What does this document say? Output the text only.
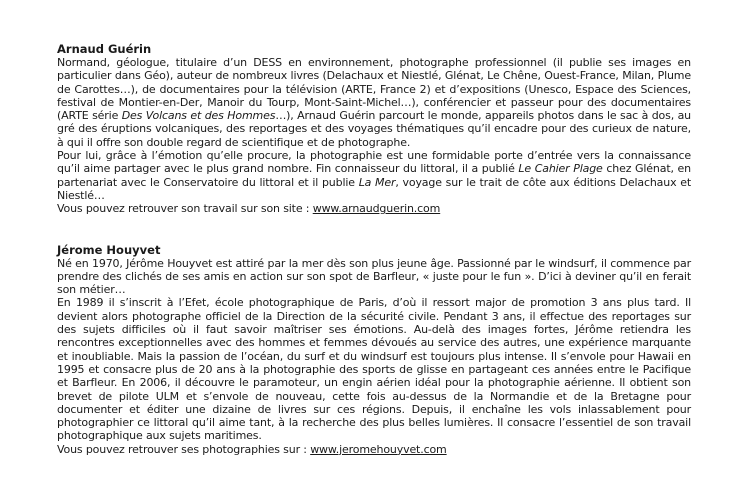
Arnaud Guérin

Normand, géologue, titulaire d’un DESS en environnement, photographe professionnel (il publie ses images en particulier dans Géo), auteur de nombreux livres (Delachaux et Niestlé, Glénat, Le Chêne, Ouest-France, Milan, Plume de Carottes…), de documentaires pour la télévision (ARTE, France 2) et d’expositions (Unesco, Espace des Sciences, festival de Montier-en-Der, Manoir du Tourp, Mont-Saint-Michel…), conférencier et passeur pour des documentaires (ARTE série Des Volcans et des Hommes…), Arnaud Guérin parcourt le monde, appareils photos dans le sac à dos, au gré des éruptions volcaniques, des reportages et des voyages thématiques qu’il encadre pour des curieux de nature, à qui il offre son double regard de scientifique et de photographe.

Pour lui, grâce à l’émotion qu’elle procure, la photographie est une formidable porte d’entrée vers la connaissance qu’il aime partager avec le plus grand nombre. Fin connaisseur du littoral, il a publié Le Cahier Plage chez Glénat, en partenariat avec le Conservatoire du littoral et il publie La Mer, voyage sur le trait de côte aux éditions Delachaux et Niestlé…

Vous pouvez retrouver son travail sur son site : www.arnaudguerin.com

Jérome Houyvet

Né en 1970, Jérôme Houyvet est attiré par la mer dès son plus jeune âge. Passionné par le windsurf, il commence par prendre des clichés de ses amis en action sur son spot de Barfleur, « juste pour le fun ». D’ici à deviner qu’il en ferait son métier…

En 1989 il s’inscrit à l’Efet, école photographique de Paris, d’où il ressort major de promotion 3 ans plus tard. Il devient alors photographe officiel de la Direction de la sécurité civile. Pendant 3 ans, il effectue des reportages sur des sujets difficiles où il faut savoir maîtriser ses émotions. Au-delà des images fortes, Jérôme retiendra les rencontres exceptionnelles avec des hommes et femmes dévoués au service des autres, une expérience marquante et inoubliable. Mais la passion de l’océan, du surf et du windsurf est toujours plus intense. Il s’envole pour Hawaii en 1995 et consacre plus de 20 ans à la photographie des sports de glisse en partageant ces années entre le Pacifique et Barfleur. En 2006, il découvre le paramoteur, un engin aérien idéal pour la photographie aérienne. Il obtient son brevet de pilote ULM et s’envole de nouveau, cette fois au-dessus de la Normandie et de la Bretagne pour documenter et éditer une dizaine de livres sur ces régions. Depuis, il enchaîne les vols inlassablement pour photographier ce littoral qu’il aime tant, à la recherche des plus belles lumières. Il consacre l’essentiel de son travail photographique aux sujets maritimes.

Vous pouvez retrouver ses photographies sur : www.jeromehouyvet.com
